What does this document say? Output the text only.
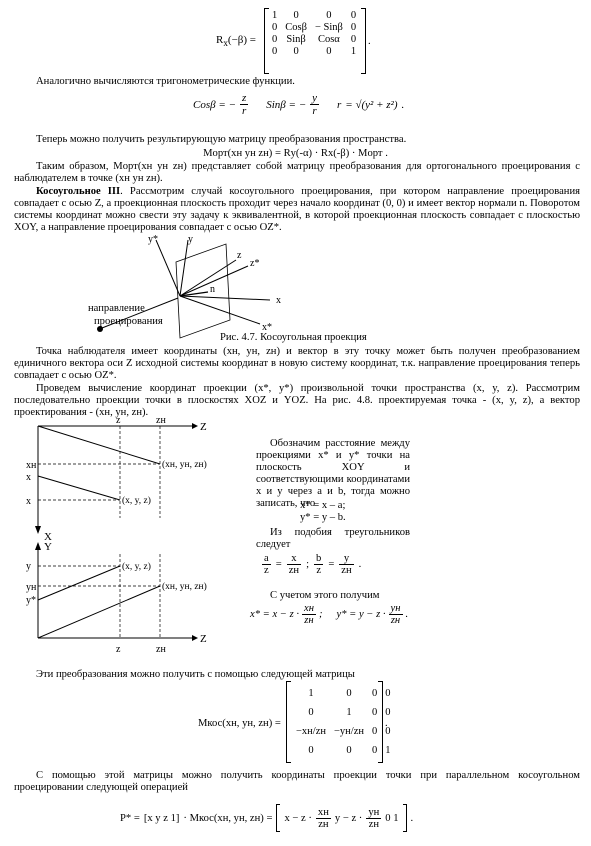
$R_x(-\beta)$ =
1	0	0	0
0	Cosβ	− Sinβ	0
0	Sinβ	Cosα	0
0	0	0	1
.
Аналогично вычисляются тригонометрические функции.
Cosβ = − $\frac{z}{r}$ Sinβ = − $\frac{y}{r}$ r = √(y² + z²) .
Теперь можно получить результирующую матрицу преобразования пространства.
Mорт(xн yн zн) = Rу(-α) · Rх(-β) · Mорт .
Таким образом, Mорт(xн yн zн) представляет собой матрицу преобразования для ортогонального проецирования с наблюдателем в точке (xн yн zн).
Косоугольное III. Рассмотрим случай косоугольного проецирования, при котором направление проецирования совпадает с осью Z, а проекционная плоскость проходит через начало координат (0, 0) и имеет вектор нормали n. Поворотом системы координат можно свести эту задачу к эквивалентной, в которой проекционная плоскость совпадает с плоскостью XOY, а направление проецирования совпадает с осью OZ*.
y*	y
z
z*
n
x
x*
направление
проецирования
Рис. 4.7. Косоугольная проекция
Точка наблюдателя имеет координаты (xн, yн, zн) и вектор в эту точку может быть получен преобразованием единичного вектора оси Z исходной системы координат в новую систему координат, т.к. направление проецирования теперь совпадает с осью OZ*.
Проведем вычисление координат проекции (x*, y*) произвольной точки пространства (x, y, z). Рассмотрим последовательно проекции точки в плоскостях XOZ и YOZ. На рис. 4.8. проектируемая точка - (x, y, z), а вектор проектирования - (xн, yн, zн).
z	zн
Z
xн
x
x
(xн, yн, zн)
(x, y, z)
X
Y
y
yн
y*
(x, y, z)
(xн, yн, zн)
Z
z	zн
Обозначим расстояние между проекциями x* и y* точки на плоскость XOY и соответствующими координатами x и y через a и b, тогда можно записать, что
x* = x – a;
y* = y – b.
Из подобия треугольников следует
$\frac{a}{z} = \frac{x}{zн}$ ; $\frac{b}{z} = \frac{y}{zн}$ .
С учетом этого получим
$x* = x - z \cdot \frac{xн}{zн}$ ; $y* = y - z \cdot \frac{yн}{zн}$ .
Эти преобразования можно получить с помощью следующей матрицы
Mкос(xн, yн, zн) =
1	0	0	0
0	1	0	0
−xн/zн	−yн/zн	0	0
0	0	0	1
.
С помощью этой матрицы можно получить координаты проекции точки при параллельном косоугольном проецировании следующей операцией
P* = [x y z 1] · Mкос(xн, yн, $zн) = x - z \cdot \frac{xн}{zн}$ $y - z \cdot \frac{yн}{zн} 0$ 1 .
